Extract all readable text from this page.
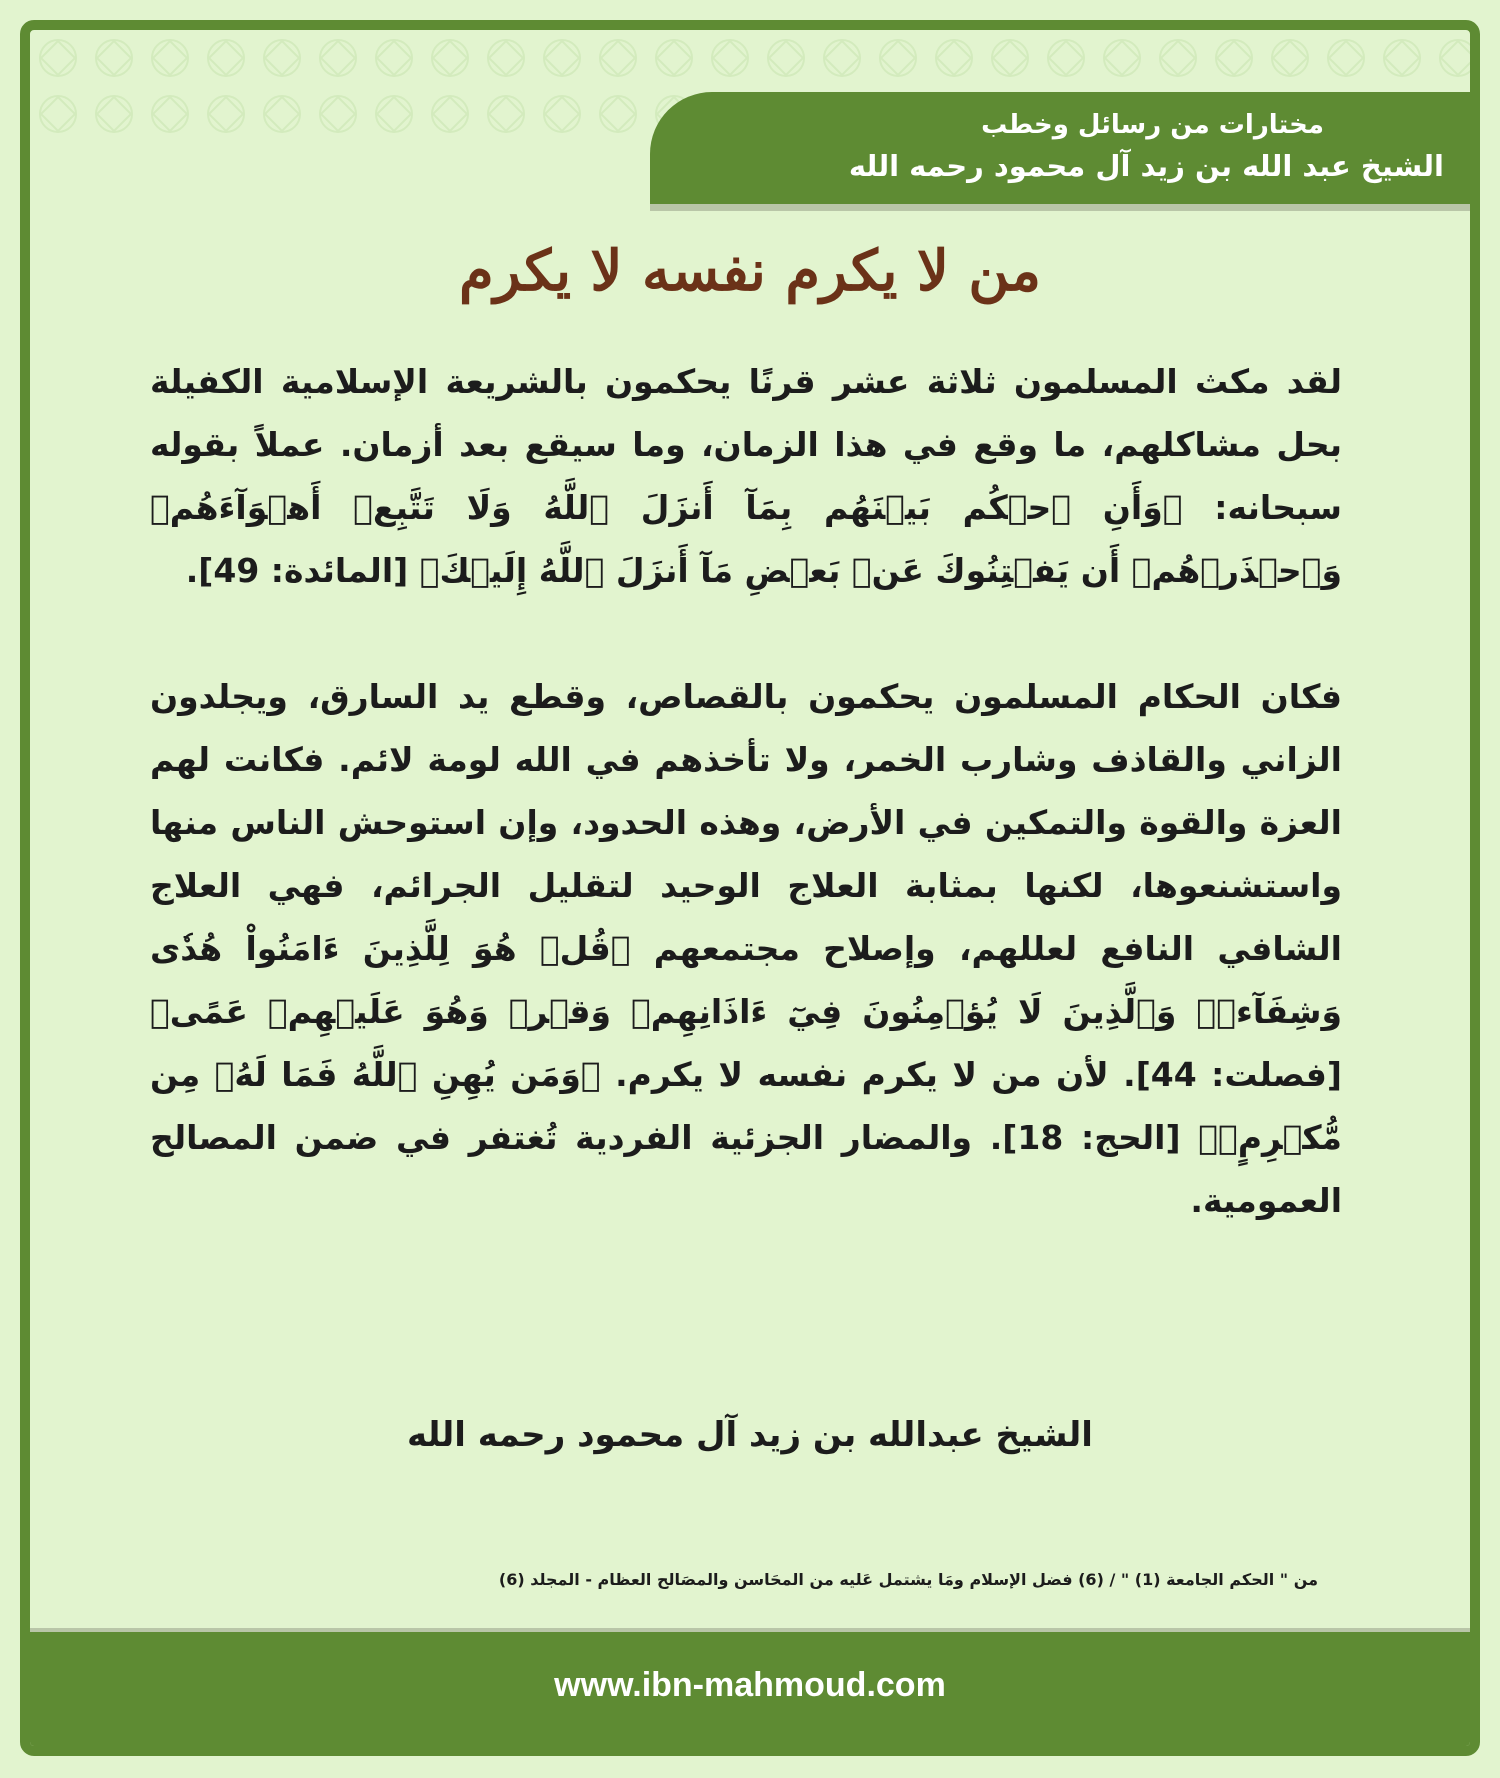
مختارات من رسائل وخطب
الشيخ عبد الله بن زيد آل محمود رحمه الله
من لا يكرم نفسه لا يكرم

لقد مكث المسلمون ثلاثة عشر قرنًا يحكمون بالشريعة الإسلامية الكفيلة بحل مشاكلهم، ما وقع في هذا الزمان، وما سيقع بعد أزمان. عملاً بقوله سبحانه: ﴿وَأَنِ ٱحۡكُم بَيۡنَهُم بِمَآ أَنزَلَ ٱللَّهُ وَلَا تَتَّبِعۡ أَهۡوَآءَهُمۡ وَٱحۡذَرۡهُمۡ أَن يَفۡتِنُوكَ عَنۢ بَعۡضِ مَآ أَنزَلَ ٱللَّهُ إِلَيۡكَ﴾ [المائدة: 49].

فكان الحكام المسلمون يحكمون بالقصاص، وقطع يد السارق، ويجلدون الزاني والقاذف وشارب الخمر، ولا تأخذهم في الله لومة لائم. فكانت لهم العزة والقوة والتمكين في الأرض، وهذه الحدود، وإن استوحش الناس منها واستشنعوها، لكنها بمثابة العلاج الوحيد لتقليل الجرائم، فهي العلاج الشافي النافع لعللهم، وإصلاح مجتمعهم ﴿قُلۡ هُوَ لِلَّذِينَ ءَامَنُواْ هُدٗى وَشِفَآءٞۚ وَٱلَّذِينَ لَا يُؤۡمِنُونَ فِيٓ ءَاذَانِهِمۡ وَقۡرٞ وَهُوَ عَلَيۡهِمۡ عَمًى﴾ [فصلت: 44]. لأن من لا يكرم نفسه لا يكرم. ﴿وَمَن يُهِنِ ٱللَّهُ فَمَا لَهُۥ مِن مُّكۡرِمٍۚ﴾ [الحج: 18]. والمضار الجزئية الفردية تُغتفر في ضمن المصالح العمومية.

الشيخ عبدالله بن زيد آل محمود رحمه الله
من " الحكم الجامعة (1) " / (6) فضل الإسلام ومَا يشتمل عَليه من المحَاسن والمصَالح العظام - المجلد (6)
www.ibn-mahmoud.com
